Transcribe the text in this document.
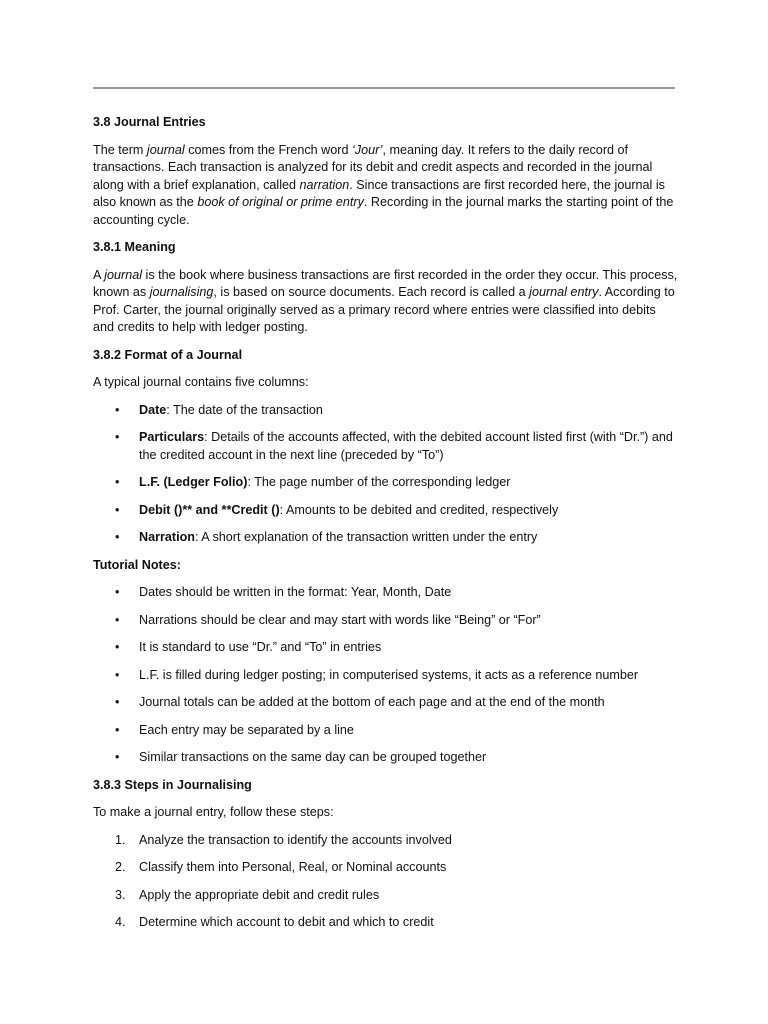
3.8 Journal Entries

The term journal comes from the French word ‘Jour’, meaning day. It refers to the daily record of transactions. Each transaction is analyzed for its debit and credit aspects and recorded in the journal along with a brief explanation, called narration. Since transactions are first recorded here, the journal is also known as the book of original or prime entry. Recording in the journal marks the starting point of the accounting cycle.

3.8.1 Meaning

A journal is the book where business transactions are first recorded in the order they occur. This process, known as journalising, is based on source documents. Each record is called a journal entry. According to Prof. Carter, the journal originally served as a primary record where entries were classified into debits and credits to help with ledger posting.

3.8.2 Format of a Journal

A typical journal contains five columns:

• Date: The date of the transaction
• Particulars: Details of the accounts affected, with the debited account listed first (with “Dr.”) and the credited account in the next line (preceded by “To”)
• L.F. (Ledger Folio): The page number of the corresponding ledger
• Debit ()** and **Credit (): Amounts to be debited and credited, respectively
• Narration: A short explanation of the transaction written under the entry
Tutorial Notes:
• Dates should be written in the format: Year, Month, Date
• Narrations should be clear and may start with words like “Being” or “For”
• It is standard to use “Dr.” and “To” in entries
• L.F. is filled during ledger posting; in computerised systems, it acts as a reference number
• Journal totals can be added at the bottom of each page and at the end of the month
• Each entry may be separated by a line
• Similar transactions on the same day can be grouped together
3.8.3 Steps in Journalising

To make a journal entry, follow these steps:

1.	Analyze the transaction to identify the accounts involved
2.	Classify them into Personal, Real, or Nominal accounts
3.	Apply the appropriate debit and credit rules
4.	Determine which account to debit and which to credit
